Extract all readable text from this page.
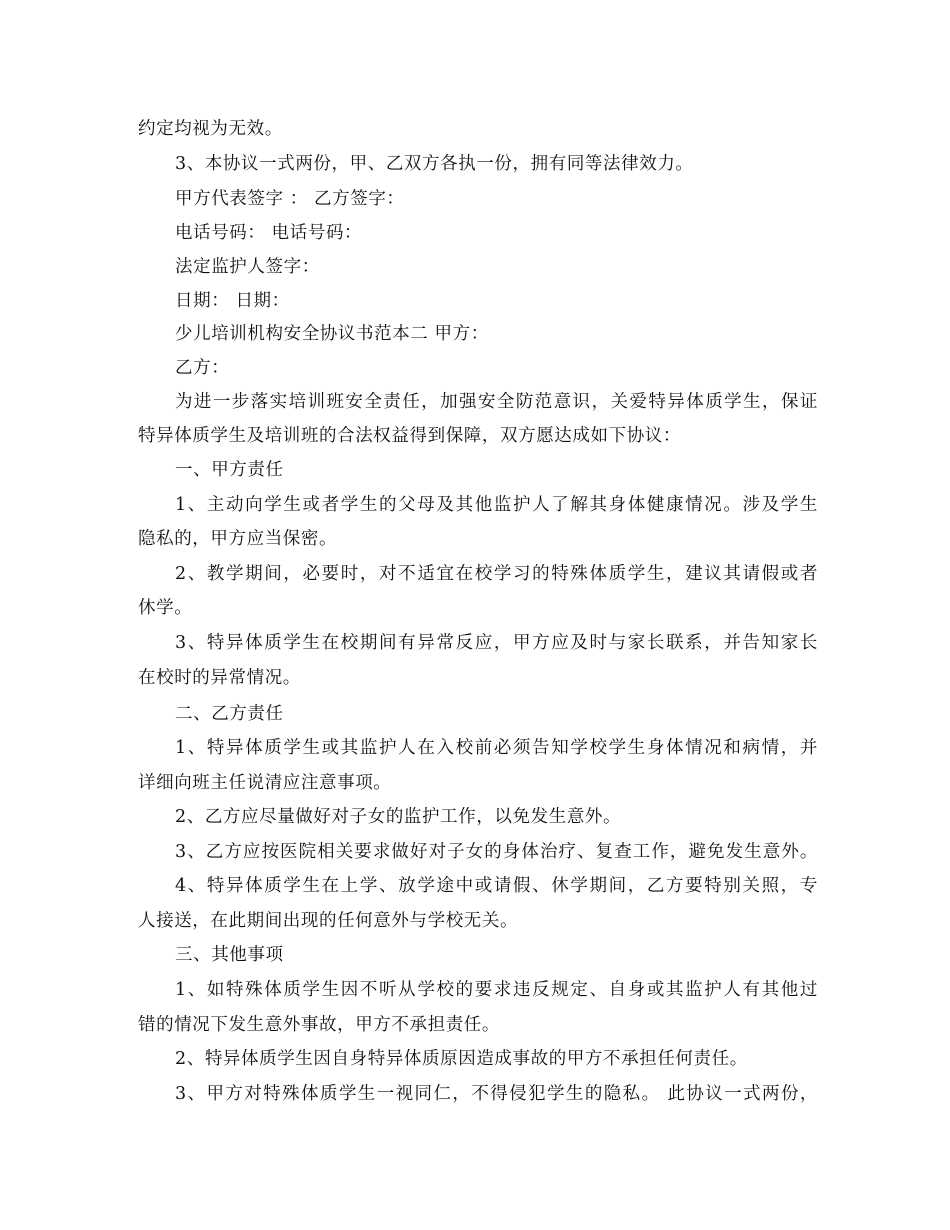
约定均视为无效。
3、本协议一式两份，甲、乙双方各执一份，拥有同等法律效力。
甲方代表签字 ： 乙方签字：
电话号码： 电话号码：
法定监护人签字：
日期： 日期：
少儿培训机构安全协议书范本二 甲方：
乙方：
为进一步落实培训班安全责任，加强安全防范意识，关爱特异体质学生，保证
特异体质学生及培训班的合法权益得到保障，双方愿达成如下协议：
一、甲方责任
1、主动向学生或者学生的父母及其他监护人了解其身体健康情况。涉及学生
隐私的，甲方应当保密。
2、教学期间，必要时，对不适宜在校学习的特殊体质学生，建议其请假或者
休学。
3、特异体质学生在校期间有异常反应，甲方应及时与家长联系，并告知家长
在校时的异常情况。
二、乙方责任
1、特异体质学生或其监护人在入校前必须告知学校学生身体情况和病情，并
详细向班主任说清应注意事项。
2、乙方应尽量做好对子女的监护工作，以免发生意外。
3、乙方应按医院相关要求做好对子女的身体治疗、复查工作，避免发生意外。
4、特异体质学生在上学、放学途中或请假、休学期间，乙方要特别关照，专
人接送，在此期间出现的任何意外与学校无关。
三、其他事项
1、如特殊体质学生因不听从学校的要求违反规定、自身或其监护人有其他过
错的情况下发生意外事故，甲方不承担责任。
2、特异体质学生因自身特异体质原因造成事故的甲方不承担任何责任。
3、甲方对特殊体质学生一视同仁，不得侵犯学生的隐私。 此协议一式两份，
